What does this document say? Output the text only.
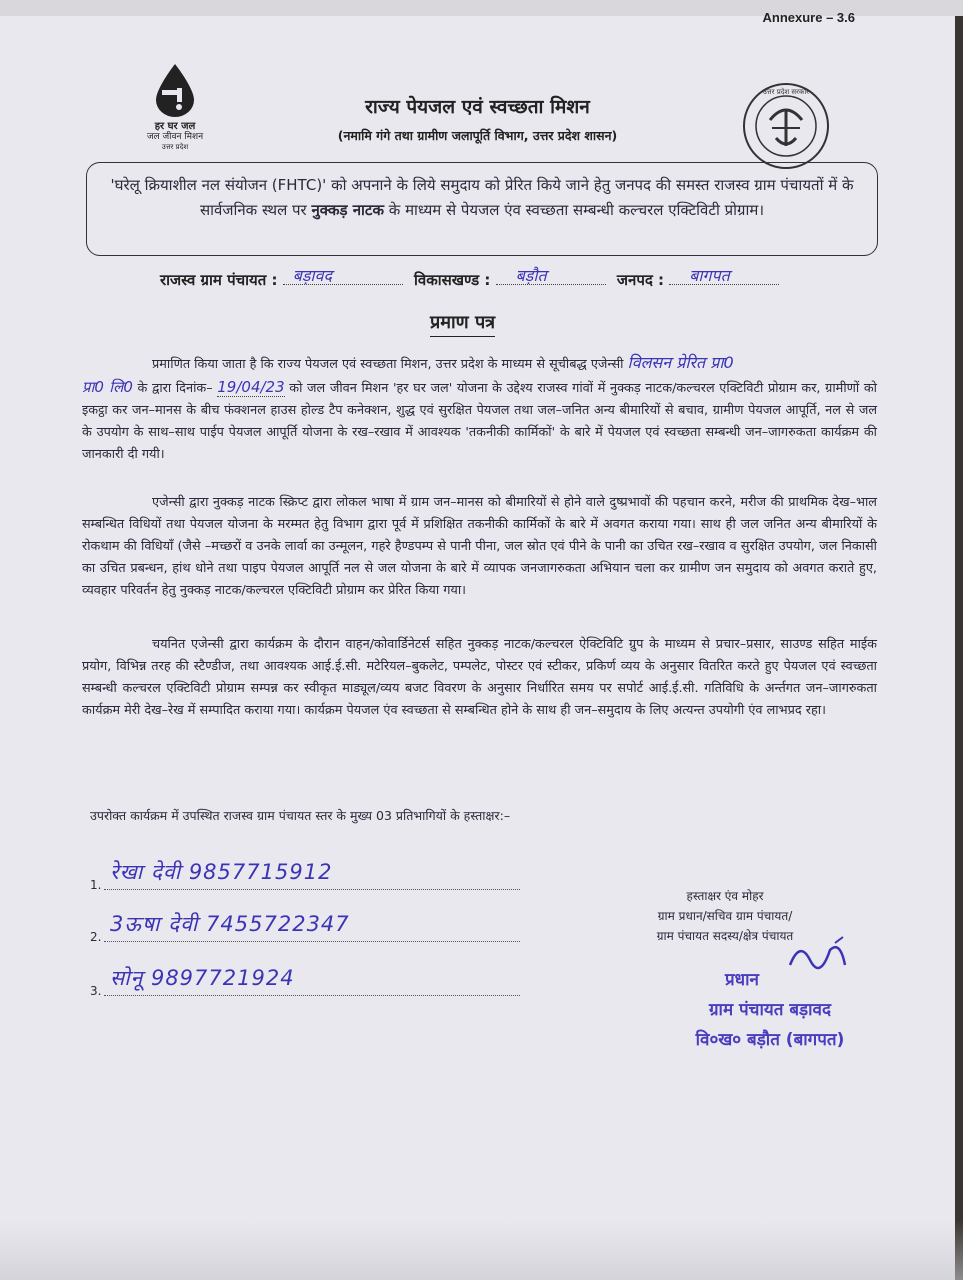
Annexure – 3.6
हर घर जल
जल जीवन मिशन
उत्तर प्रदेश
उत्तर प्रदेश सरकार
राज्य पेयजल एवं स्वच्छता मिशन
(नमामि गंगे तथा ग्रामीण जलापूर्ति विभाग, उत्तर प्रदेश शासन)
'घरेलू क्रियाशील नल संयोजन (FHTC)' को अपनाने के लिये समुदाय को प्रेरित किये जाने हेतु जनपद की समस्त राजस्व ग्राम पंचायतों में के सार्वजनिक स्थल पर नुक्कड़ नाटक के माध्यम से पेयजल एंव स्वच्छता सम्बन्धी कल्चरल एक्टिविटी प्रोग्राम।
राजस्व ग्राम पंचायत : बड़ावद	विकासखण्ड : बड़ौत	जनपद : बागपत
प्रमाण पत्र
प्रमाणित किया जाता है कि राज्य पेयजल एवं स्वच्छता मिशन, उत्तर प्रदेश के माध्यम से सूचीबद्ध एजेन्सी विलसन प्रेरित प्रा0
प्रा0 लि0 के द्वारा दिनांक– 19/04/23 को जल जीवन मिशन 'हर घर जल' योजना के उद्देश्य राजस्व गांवों में नुक्कड़ नाटक/कल्चरल एक्टिविटी प्रोग्राम कर, ग्रामीणों को इकट्ठा कर जन–मानस के बीच फंक्शनल हाउस होल्ड टैप कनेक्शन, शुद्ध एवं सुरक्षित पेयजल तथा जल–जनित अन्य बीमारियों से बचाव, ग्रामीण पेयजल आपूर्ति, नल से जल के उपयोग के साथ–साथ पाईप पेयजल आपूर्ति योजना के रख–रखाव में आवश्यक 'तकनीकी कार्मिकों' के बारे में पेयजल एवं स्वच्छता सम्बन्धी जन–जागरुकता कार्यक्रम की जानकारी दी गयी।
एजेन्सी द्वारा नुक्कड़ नाटक स्क्रिप्ट द्वारा लोकल भाषा में ग्राम जन–मानस को बीमारियों से होने वाले दुष्प्रभावों की पहचान करने, मरीज की प्राथमिक देख–भाल सम्बन्धित विधियों तथा पेयजल योजना के मरम्मत हेतु विभाग द्वारा पूर्व में प्रशिक्षित तकनीकी कार्मिकों के बारे में अवगत कराया गया। साथ ही जल जनित अन्य बीमारियों के रोकथाम की विधियाँ (जैसे –मच्छरों व उनके लार्वा का उन्मूलन, गहरे हैण्डपम्प से पानी पीना, जल स्रोत एवं पीने के पानी का उचित रख–रखाव व सुरक्षित उपयोग, जल निकासी का उचित प्रबन्धन, हांथ धोने तथा पाइप पेयजल आपूर्ति नल से जल योजना के बारे में व्यापक जनजागरुकता अभियान चला कर ग्रामीण जन समुदाय को अवगत कराते हुए, व्यवहार परिवर्तन हेतु नुक्कड़ नाटक/कल्चरल एक्टिविटी प्रोग्राम कर प्रेरित किया गया।
चयनित एजेन्सी द्वारा कार्यक्रम के दौरान वाहन/कोवार्डिनेटर्स सहित नुक्कड़ नाटक/कल्चरल ऐक्टिविटि ग्रुप के माध्यम से प्रचार–प्रसार, साउण्ड सहित माईक प्रयोग, विभिन्न तरह की स्टैण्डीज, तथा आवश्यक आई.ई.सी. मटेरियल–बुकलेट, पम्पलेट, पोस्टर एवं स्टीकर, प्रकिर्ण व्यय के अनुसार वितरित करते हुए पेयजल एवं स्वच्छता सम्बन्धी कल्चरल एक्टिविटी प्रोग्राम सम्पन्न कर स्वीकृत माड्यूल/व्यय बजट विवरण के अनुसार निर्धारित समय पर सपोर्ट आई.ई.सी. गतिविधि के अर्न्तगत जन–जागरुकता कार्यक्रम मेरी देख–रेख में सम्पादित कराया गया। कार्यक्रम पेयजल एंव स्वच्छता से सम्बन्धित होने के साथ ही जन–समुदाय के लिए अत्यन्त उपयोगी एंव लाभप्रद रहा।
उपरोक्त कार्यक्रम में उपस्थित राजस्व ग्राम पंचायत स्तर के मुख्य 03 प्रतिभागियों के हस्ताक्षर:–
1.
रेखा देवी 9857715912
2.
3ऊषा देवी 7455722347
3.
सोनू 9897721924
हस्ताक्षर एंव मोहर
ग्राम प्रधान/सचिव ग्राम पंचायत/
ग्राम पंचायत सदस्य/क्षेत्र पंचायत
प्रधान
ग्राम पंचायत बड़ावद
वि०ख० बड़ौत (बागपत)
